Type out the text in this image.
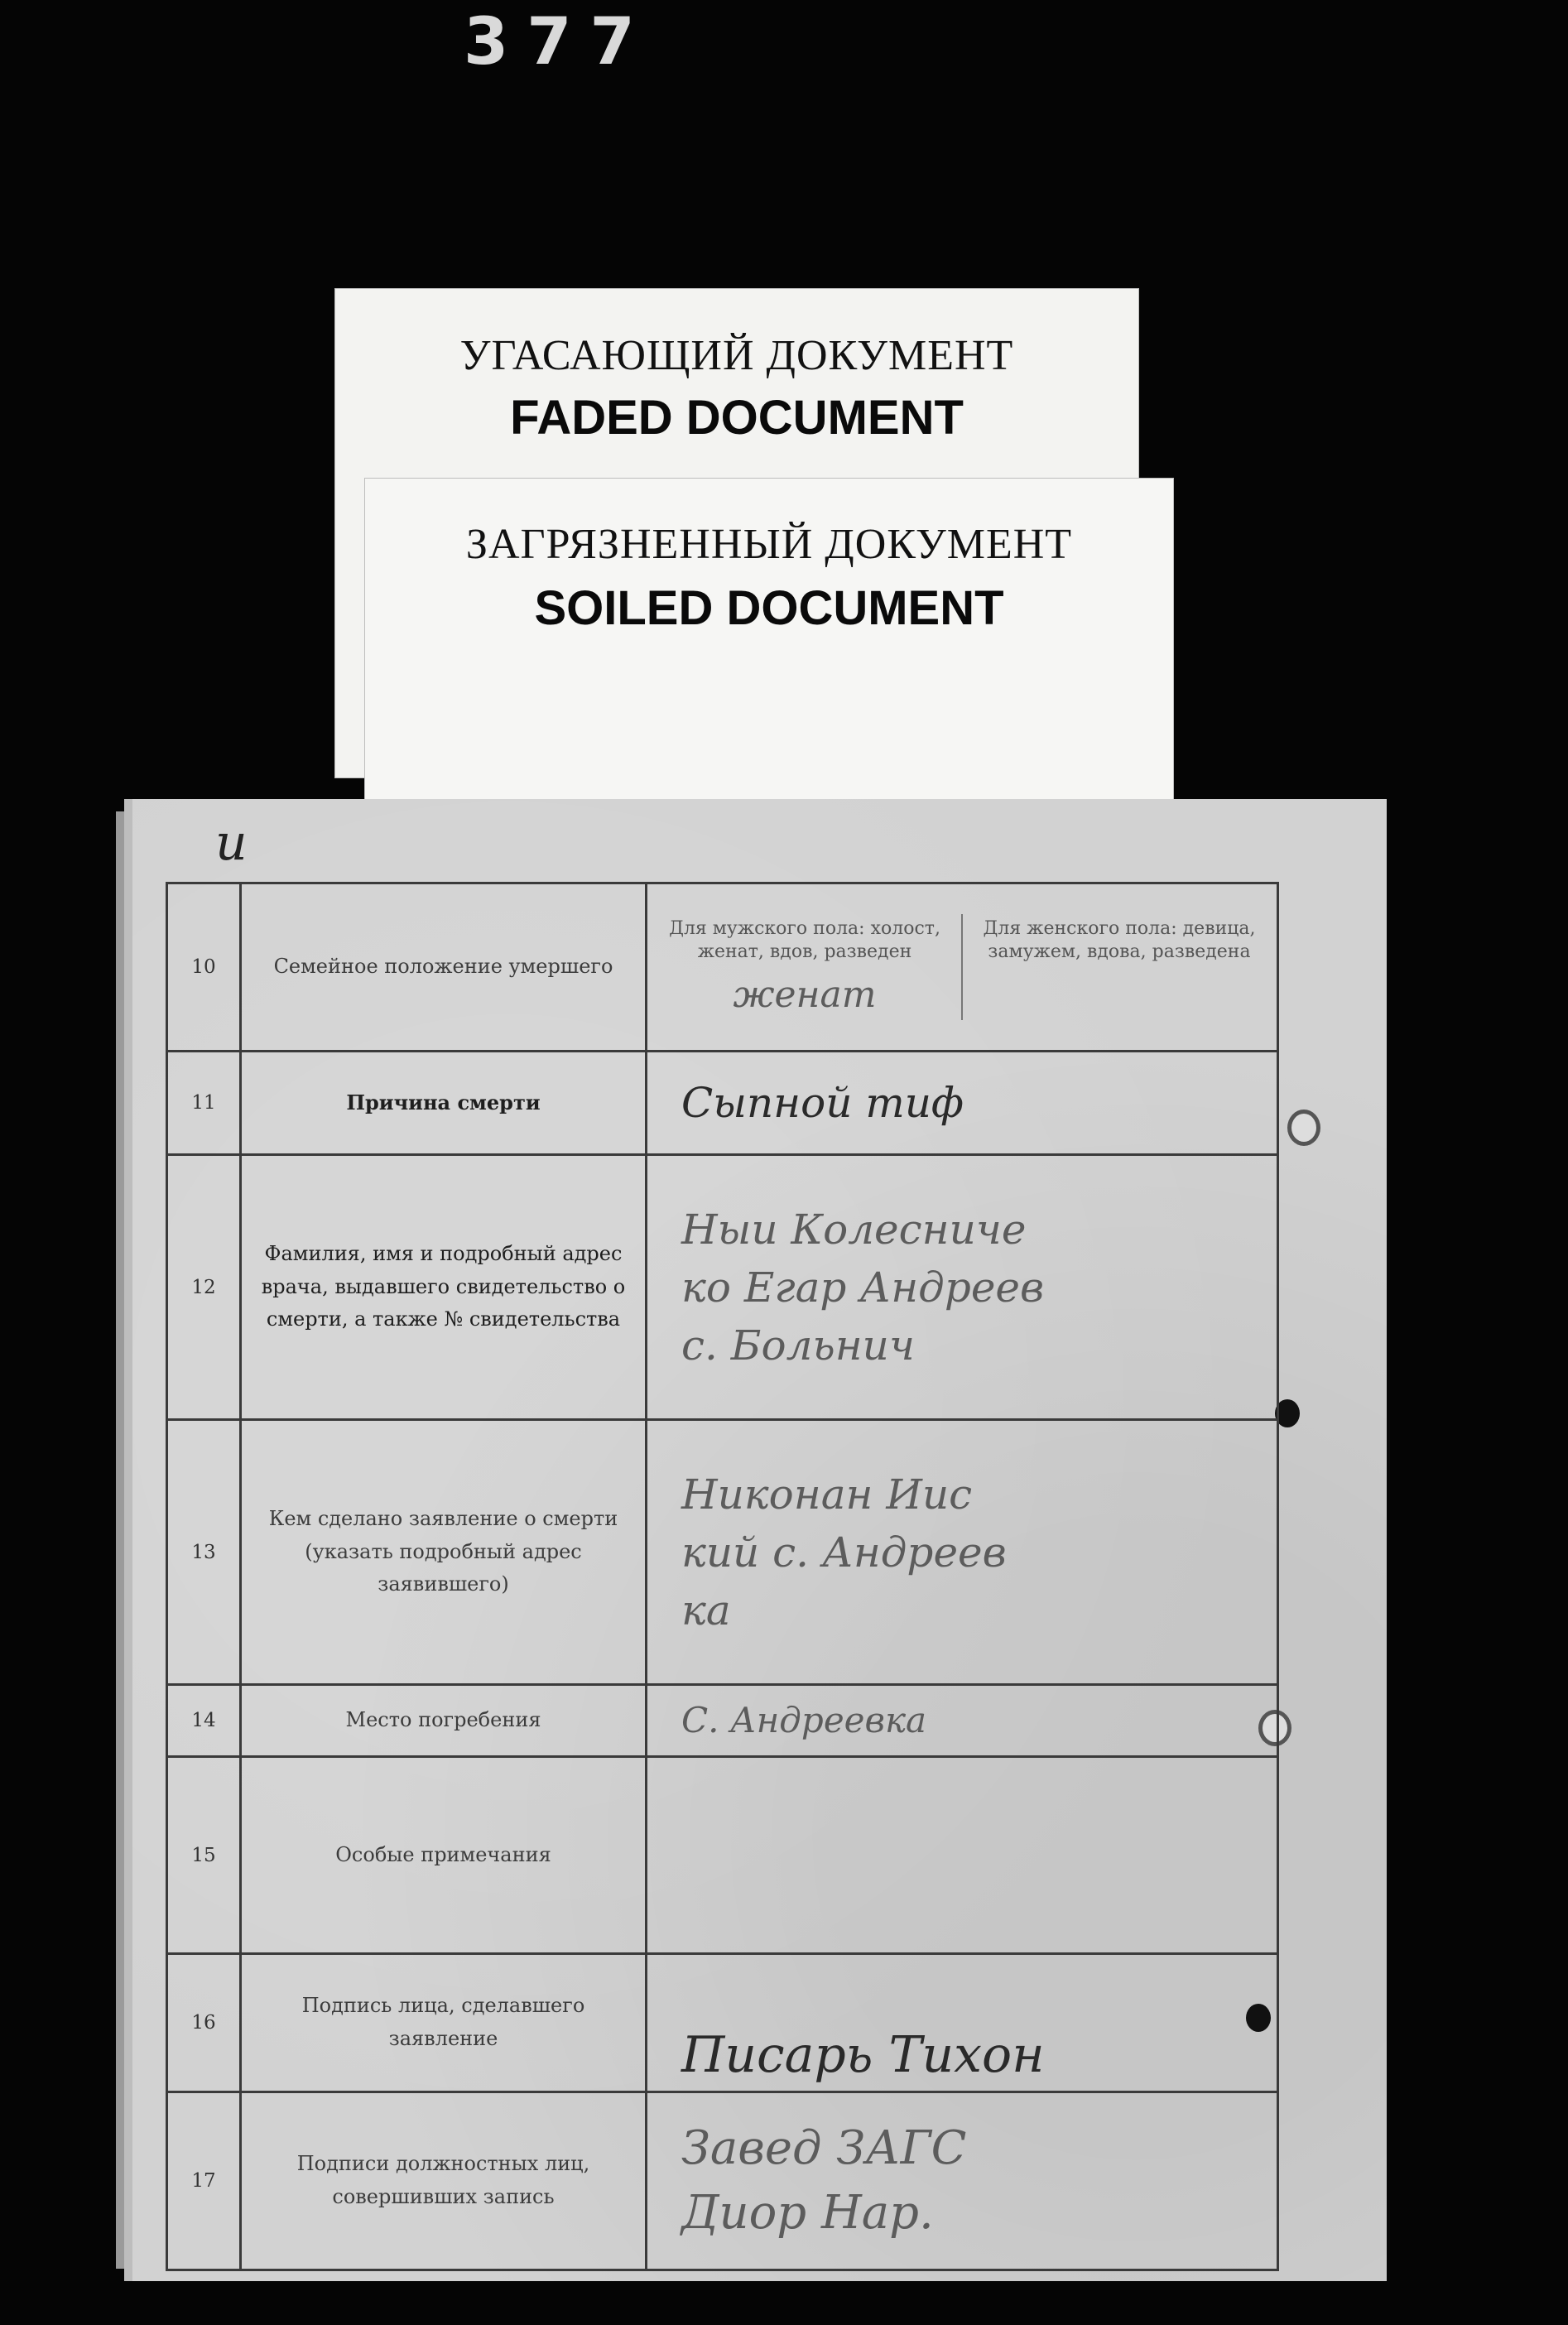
377
УГАСАЮЩИЙ ДОКУМЕНТ
FADED DOCUMENT
ЗАГРЯЗНЕННЫЙ ДОКУМЕНТ
SOILED DOCUMENT
и
10	Семейное положение умершего	Для мужского пола: холост, женат, вдов, разведен
женат
Для женского пола: девица, замужем, вдова, разведена

11	Причина смерти	Сыпной тиф

12	Фамилия, имя и подробный адрес врача, выдавшего свидетельство о смерти, а также № свидетельства	Ныи Колесниче
ко Егар Андреев
с. Больнич

13	Кем сделано заявление о смерти (указать подробный адрес заявившего)	Никонан Иис
кий с. Андреев
ка

14	Место погребения	С. Андреевка

15	Особые примечания	

16	Подпись лица, сделавшего заявление	Писарь Тихон

17	Подписи должностных лиц, совершивших запись	Завед ЗАГС
Диор Нар.
